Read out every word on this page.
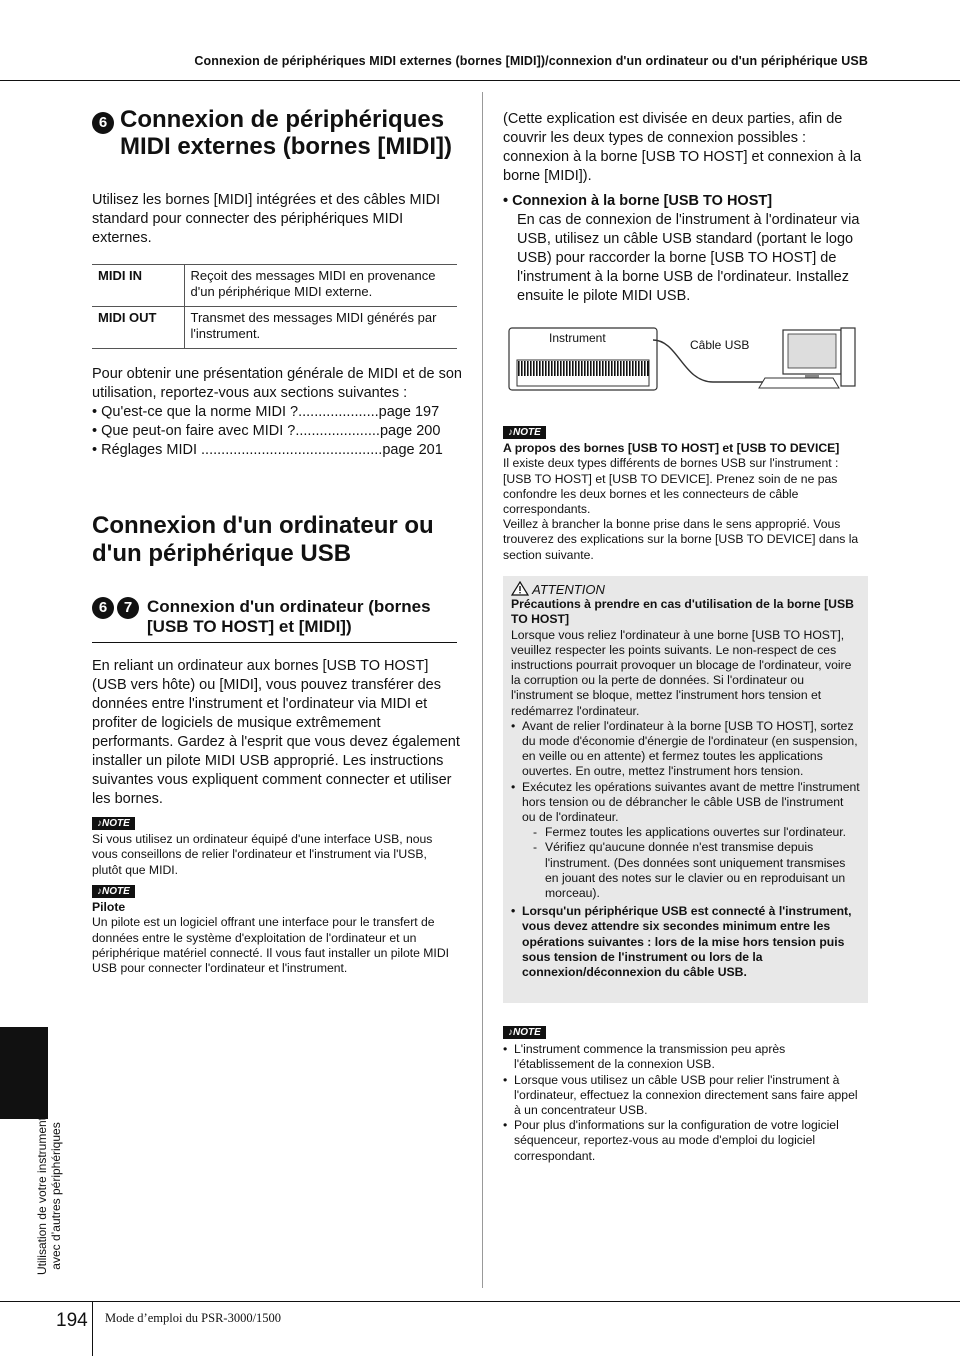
Connexion de périphériques MIDI externes (bornes [MIDI])/connexion d'un ordinateur ou d'un périphérique USB
6 Connexion de périphériques MIDI externes (bornes [MIDI])

Utilisez les bornes [MIDI] intégrées et des câbles MIDI standard pour connecter des périphériques MIDI externes.

MIDI IN	Reçoit des messages MIDI en provenance d'un périphérique MIDI externe.
MIDI OUT	Transmet des messages MIDI générés par l'instrument.
Pour obtenir une présentation générale de MIDI et de son utilisation, reportez-vous aux sections suivantes :
• Qu'est-ce que la norme MIDI ?....................page 197
• Que peut-on faire avec MIDI ?.....................page 200
• Réglages MIDI .............................................page 201
Connexion d'un ordinateur ou d'un périphérique USB
6 7 Connexion d'un ordinateur (bornes [USB TO HOST] et [MIDI])

En reliant un ordinateur aux bornes [USB TO HOST] (USB vers hôte) ou [MIDI], vous pouvez transférer des données entre l'instrument et l'ordinateur via MIDI et profiter de logiciels de musique extrêmement performants. Gardez à l'esprit que vous devez également installer un pilote MIDI USB approprié. Les instructions suivantes vous expliquent comment connecter et utiliser les bornes.

♪NOTE
Si vous utilisez un ordinateur équipé d'une interface USB, nous vous conseillons de relier l'ordinateur et l'instrument via l'USB, plutôt que MIDI.
♪NOTE
Pilote
Un pilote est un logiciel offrant une interface pour le transfert de données entre le système d'exploitation de l'ordinateur et un périphérique matériel connecté. Il vous faut installer un pilote MIDI USB pour connecter l'ordinateur et l'instrument.

(Cette explication est divisée en deux parties, afin de couvrir les deux types de connexion possibles : connexion à la borne [USB TO HOST] et connexion à la borne [MIDI]).

• Connexion à la borne [USB TO HOST]
En cas de connexion de l'instrument à l'ordinateur via USB, utilisez un câble USB standard (portant le logo USB) pour raccorder la borne [USB TO HOST] de l'instrument à la borne USB de l'ordinateur. Installez ensuite le pilote MIDI USB.
Instrument	Câble USB
♪NOTE
A propos des bornes [USB TO HOST] et [USB TO DEVICE]
Il existe deux types différents de bornes USB sur l'instrument : [USB TO HOST] et [USB TO DEVICE]. Prenez soin de ne pas confondre les deux bornes et les connecteurs de câble correspondants.
Veillez à brancher la bonne prise dans le sens approprié. Vous trouverez des explications sur la borne [USB TO DEVICE] dans la section suivante.
ATTENTION
Précautions à prendre en cas d'utilisation de la borne [USB TO HOST]
Lorsque vous reliez l'ordinateur à une borne [USB TO HOST], veuillez respecter les points suivants. Le non-respect de ces instructions pourrait provoquer un blocage de l'ordinateur, voire la corruption ou la perte de données. Si l'ordinateur ou l'instrument se bloque, mettez l'instrument hors tension et redémarrez l'ordinateur.
• Avant de relier l'ordinateur à la borne [USB TO HOST], sortez du mode d'économie d'énergie de l'ordinateur (en suspension, en veille ou en attente) et fermez toutes les applications ouvertes. En outre, mettez l'instrument hors tension.
• Exécutez les opérations suivantes avant de mettre l'instrument hors tension ou de débrancher le câble USB de l'instrument ou de l'ordinateur.
- Fermez toutes les applications ouvertes sur l'ordinateur.
- Vérifiez qu'aucune donnée n'est transmise depuis l'instrument. (Des données sont uniquement transmises en jouant des notes sur le clavier ou en reproduisant un morceau).
• Lorsqu'un périphérique USB est connecté à l'instrument, vous devez attendre six secondes minimum entre les opérations suivantes : lors de la mise hors tension puis sous tension de l'instrument ou lors de la connexion/déconnexion du câble USB.
♪NOTE
• L'instrument commence la transmission peu après l'établissement de la connexion USB.
• Lorsque vous utilisez un câble USB pour relier l'instrument à l'ordinateur, effectuez la connexion directement sans faire appel à un concentrateur USB.
• Pour plus d'informations sur la configuration de votre logiciel séquenceur, reportez-vous au mode d'emploi du logiciel correspondant.
Utilisation de votre instrument avec d’autres périphériques
194 Mode d’emploi du PSR-3000/1500
